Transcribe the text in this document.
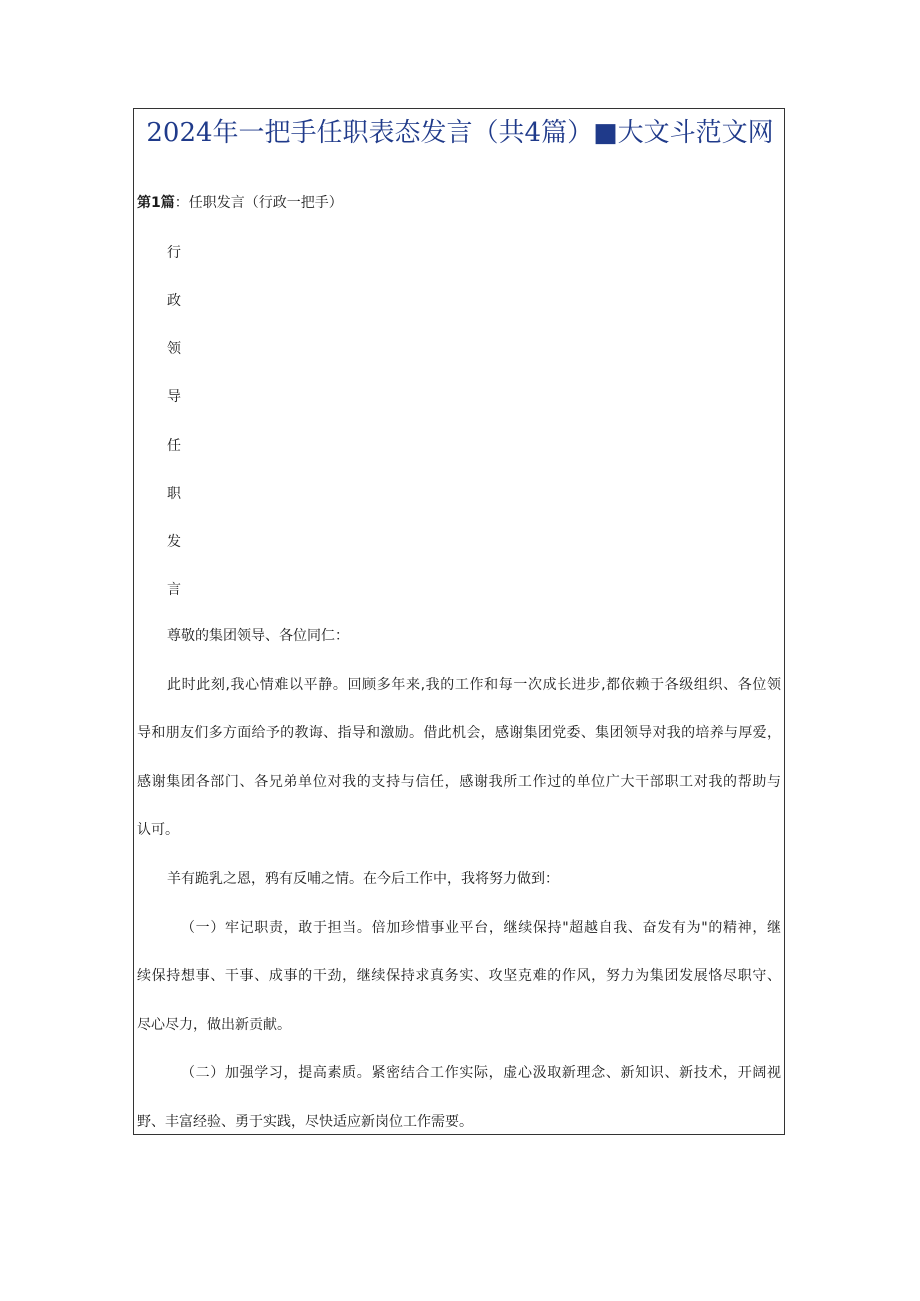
2024年一把手任职表态发言（共4篇）■大文斗范文网
第1篇：任职发言（行政一把手）
行
政
领
导
任
职
发
言
尊敬的集团领导、各位同仁：
此时此刻,我心情难以平静。回顾多年来,我的工作和每一次成长进步,都依赖于各级组织、各位领
导和朋友们多方面给予的教诲、指导和激励。借此机会，感谢集团党委、集团领导对我的培养与厚爱，
感谢集团各部门、各兄弟单位对我的支持与信任，感谢我所工作过的单位广大干部职工对我的帮助与
认可。
羊有跪乳之恩，鸦有反哺之情。在今后工作中，我将努力做到：
（一）牢记职责，敢于担当。倍加珍惜事业平台，继续保持"超越自我、奋发有为"的精神，继
续保持想事、干事、成事的干劲，继续保持求真务实、攻坚克难的作风，努力为集团发展恪尽职守、
尽心尽力，做出新贡献。
（二）加强学习，提高素质。紧密结合工作实际，虚心汲取新理念、新知识、新技术，开阔视
野、丰富经验、勇于实践，尽快适应新岗位工作需要。
